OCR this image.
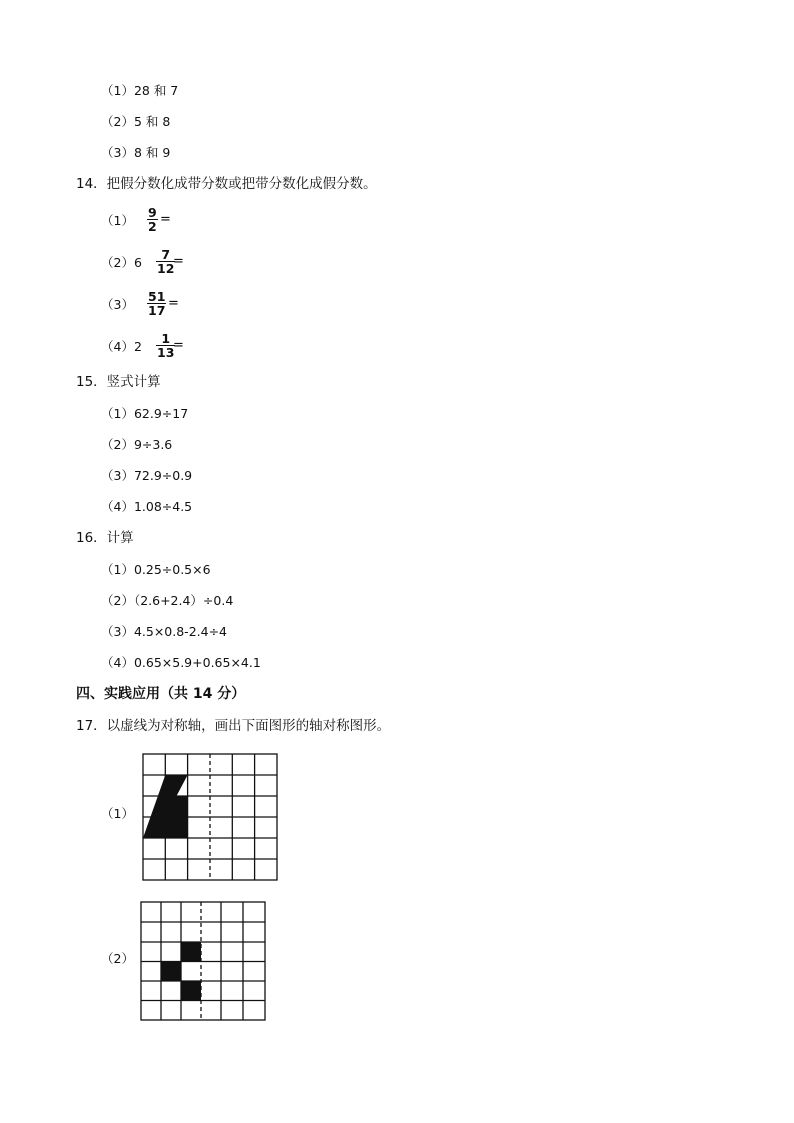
（1）28 和 7
（2）5 和 8
（3）8 和 9
14．把假分数化成带分数或把带分数化成假分数。
$(1) \frac{9}{2}$ =
$(2)6 \frac{7}{12}$
=
$(3) \frac{51}{17}$ =
$(4)2 \frac{1}{13}$
=
15．竖式计算
（1）62.9÷17
（2）9÷3.6
（3）72.9÷0.9
（4）1.08÷4.5
16．计算
（1）0.25÷0.5×6
（2）（2.6+2.4）÷0.4
（3）4.5×0.8-2.4÷4
（4）0.65×5.9+0.65×4.1
四、实践应用（共 14 分）
17．以虚线为对称轴，画出下面图形的轴对称图形。
（1）
（2）
